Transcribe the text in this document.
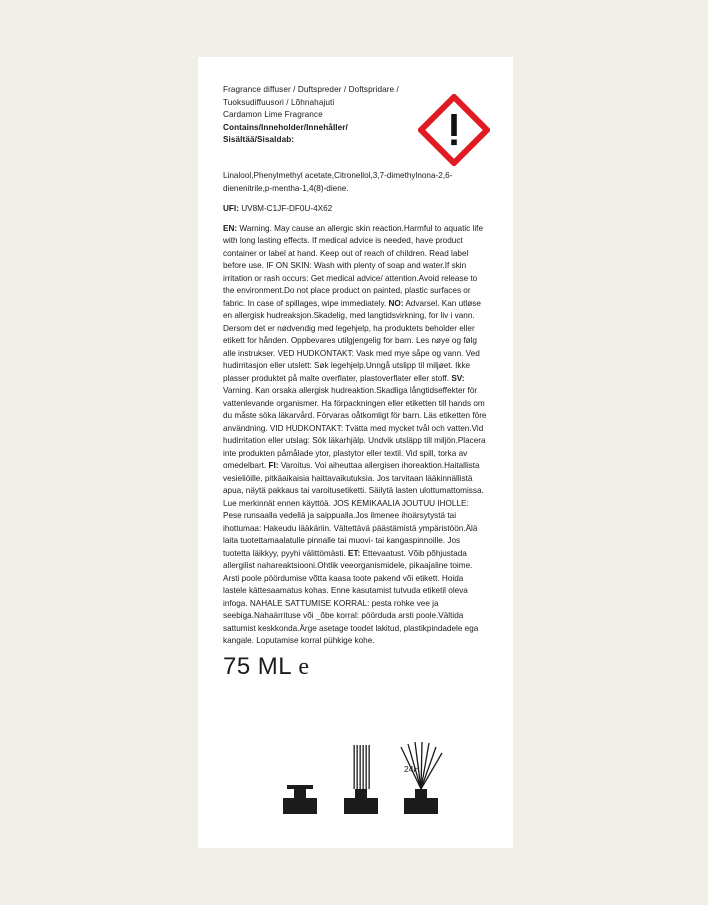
Fragrance diffuser / Duftspreder / Doftspridare /
Tuoksudiffuusori / Lõhnahajuti
Cardamon Lime Fragrance
Contains/Inneholder/Innehåller/
Sisältää/Sisaldab:
Linalool,Phenylmethyl acetate,Citronellol,3,7-dimethylnona-2,6-dienenitrile,p-mentha-1,4(8)-diene.
UFI: UV8M-C1JF-DF0U-4X62
EN: Warning. May cause an allergic skin reaction.Harmful to aquatic life with long lasting effects. If medical advice is needed, have product container or label at hand. Keep out of reach of children. Read label before use. IF ON SKIN: Wash with plenty of soap and water.If skin irritation or rash occurs: Get medical advice/ attention.Avoid release to the environment.Do not place product on painted, plastic surfaces or fabric. In case of spillages, wipe immediately. NO: Advarsel. Kan utløse en allergisk hudreaksjon.Skadelig, med langtidsvirkning, for liv i vann. Dersom det er nødvendig med legehjelp, ha produktets beholder eller etikett for hånden. Oppbevares utilgjengelig for barn. Les nøye og følg alle instrukser. VED HUDKONTAKT: Vask med mye såpe og vann. Ved hudirritasjon eller utslett: Søk legehjelp.Unngå utslipp til miljøet. Ikke plasser produktet på malte overflater, plastoverflater eller stoff. SV: Varning. Kan orsaka allergisk hudreaktion.Skadliga långtidseffekter för vattenlevande organismer. Ha förpackningen eller etiketten till hands om du måste söka läkarvård. Förvaras oåtkomligt för barn. Läs etiketten före användning. VID HUDKONTAKT: Tvätta med mycket tvål och vatten.Vid hudirritation eller utslag: Sök läkarhjälp. Undvik utsläpp till miljön.Placera inte produkten påmålade ytor, plastytor eller textil. Vid spill, torka av omedelbart. FI: Varoitus. Voi aiheuttaa allergisen ihoreaktion.Haitallista vesieliöille, pitkäaikaisia haittavaikutuksia. Jos tarvitaan lääkinnällistä apua, näytä pakkaus tai varoitusetiketti. Säilytä lasten ulottumattomissa. Lue merkinnät ennen käyttöä. JOS KEMIKAALIA JOUTUU IHOLLE: Pese runsaalla vedellä ja saippualla.Jos ilmenee ihoärsytystä tai ihottumaa: Hakeudu lääkäriin. Vältettävä päästämistä ympäristöön.Älä laita tuotettamaalatulle pinnalle tai muovi- tai kangaspinnoille. Jos tuotetta läikkyy, pyyhi välittömästi. ET: Ettevaatust. Võib põhjustada allergilist nahareaktsiooni.Ohtlik veeorganismidele, pikaajaline toime. Arsti poole pöördumise võtta kaasa toote pakend või etikett. Hoida lastele kättesaamatus kohas. Enne kasutamist tutvuda etiketil oleva infoga. NAHALE SATTUMISE KORRAL: pesta rohke vee ja seebiga.Nahaärrituse või _õbe korral: pöörduda arsti poole.Vältida sattumist keskkonda.Ärge asetage toodet lakitud, plastikpindadele ega kangale. Loputamise korral pühkige kohe.
75 ML e
24H
